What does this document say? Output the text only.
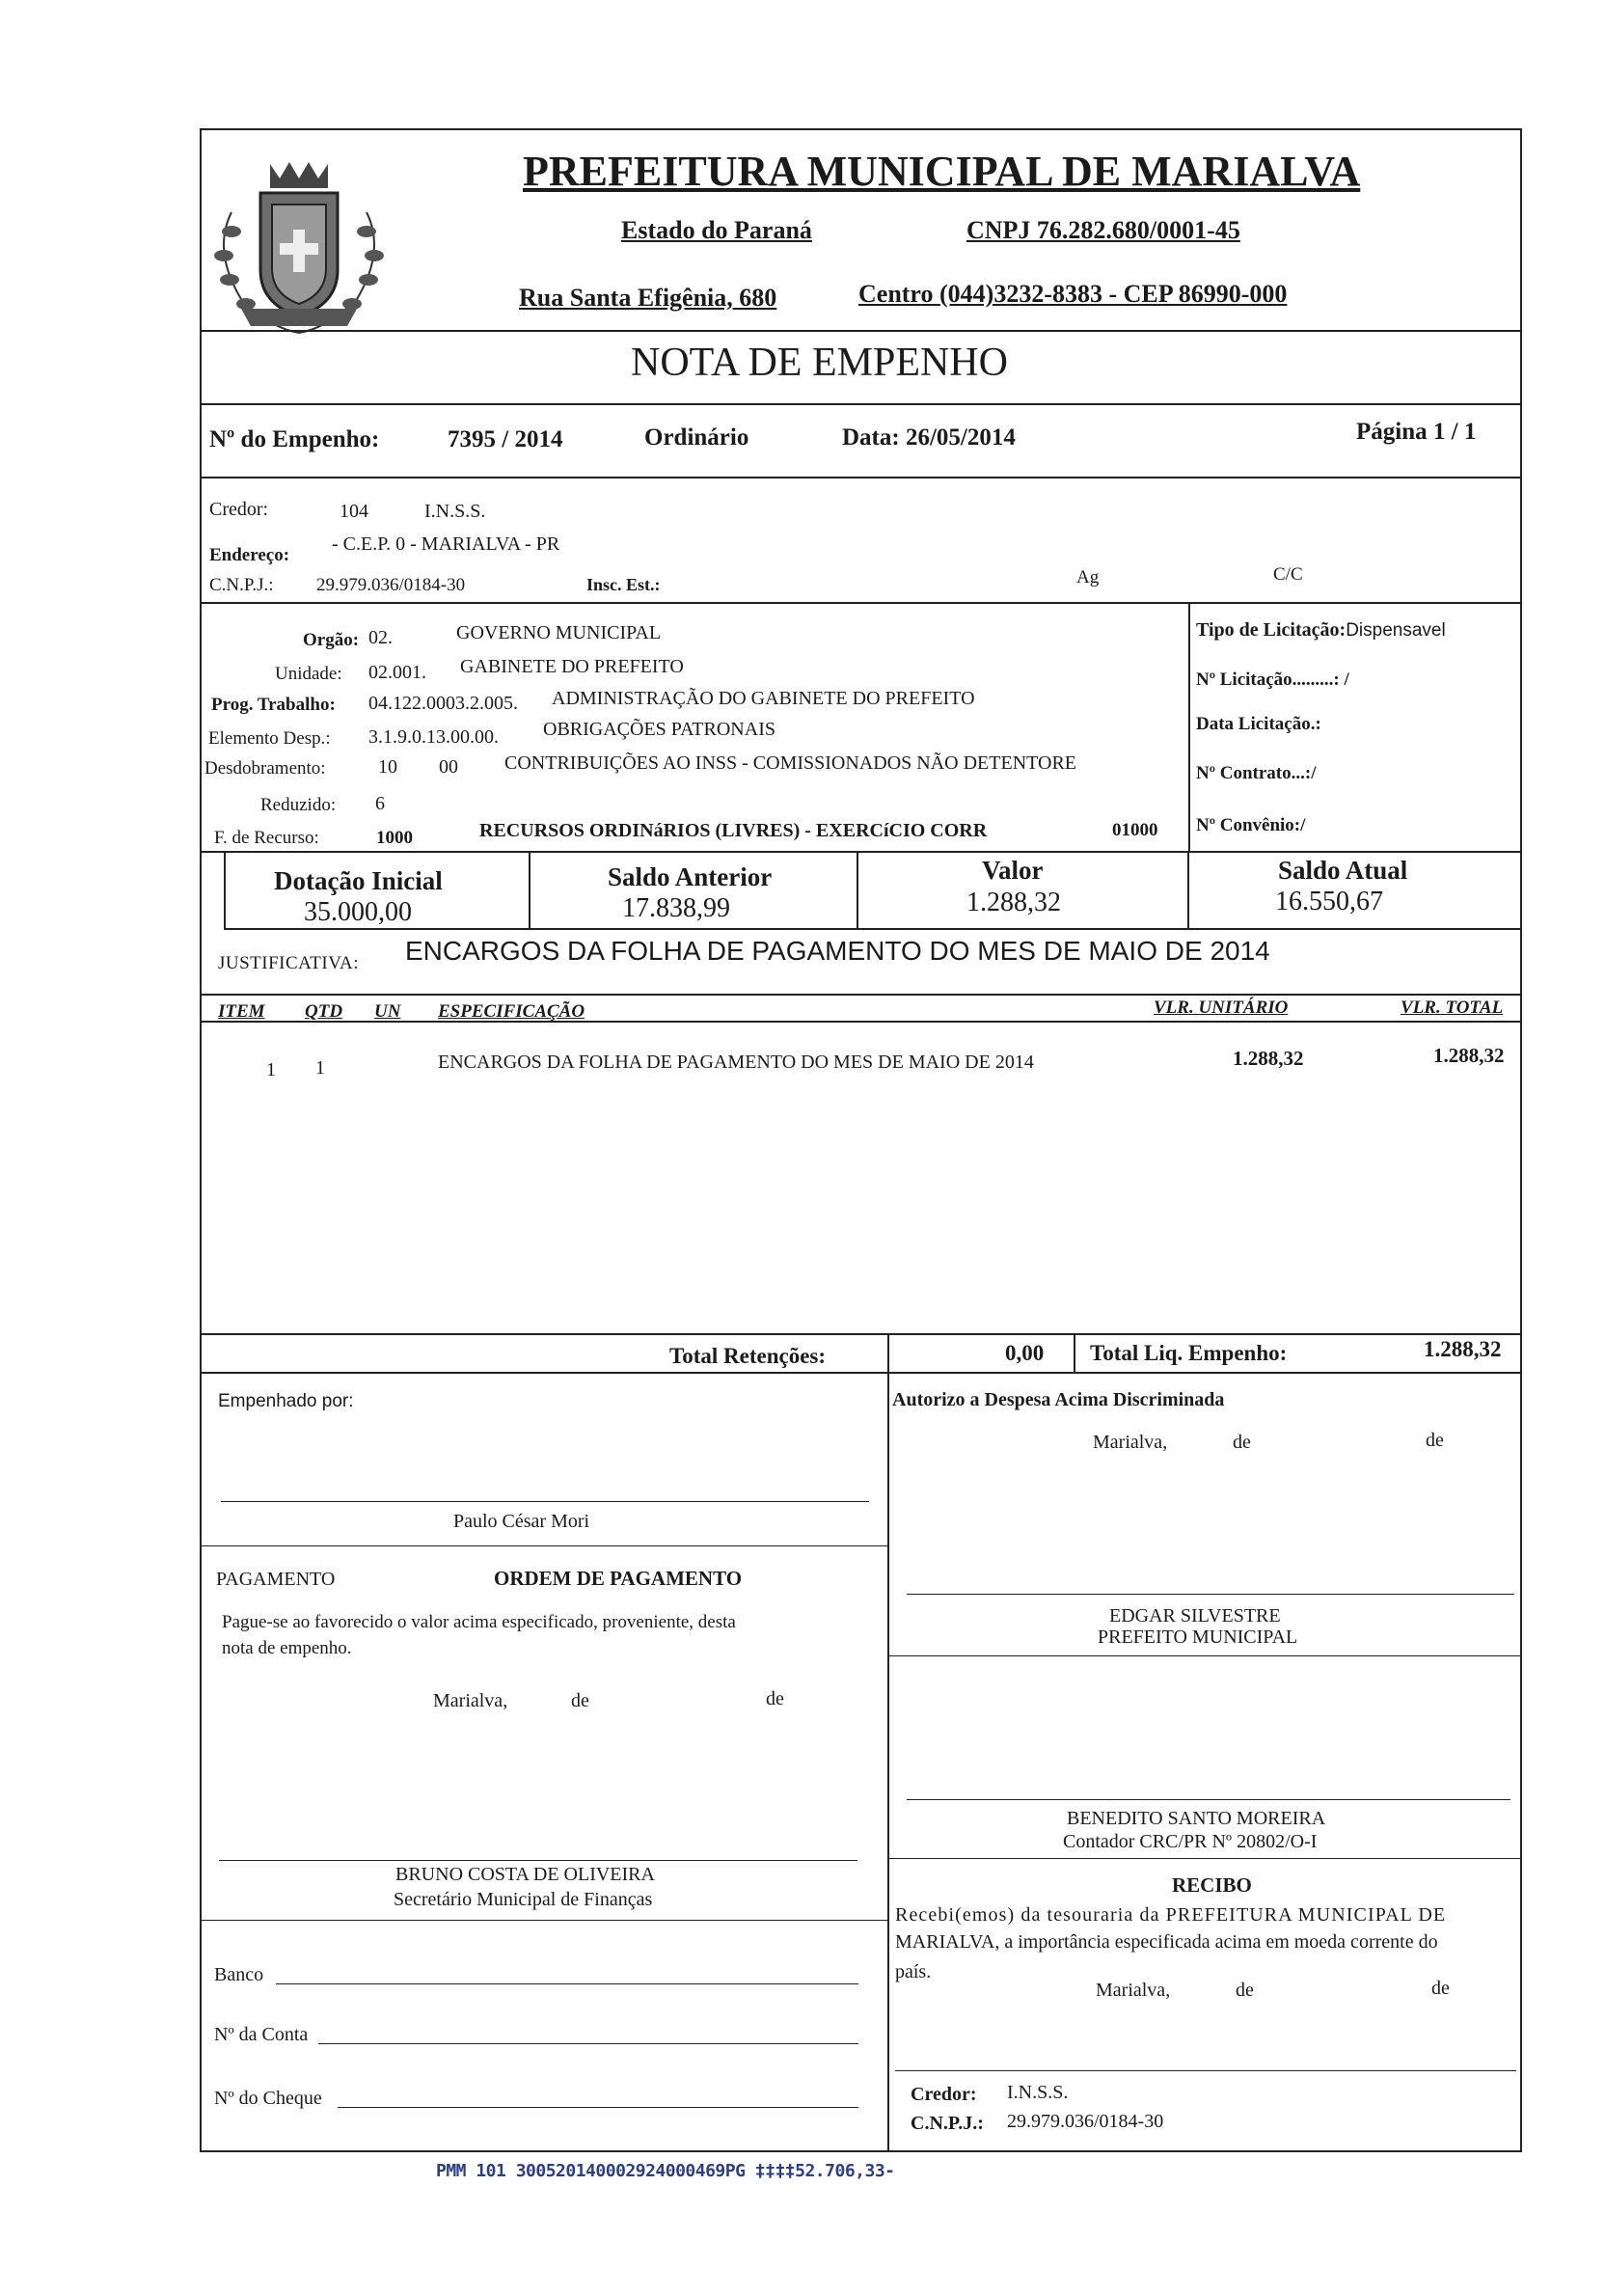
PREFEITURA MUNICIPAL DE MARIALVA
Estado do Paraná	CNPJ 76.282.680/0001-45
Rua Santa Efigênia, 680	Centro (044)3232-8383 - CEP 86990-000
NOTA DE EMPENHO
Nº do Empenho:	7395 / 2014	Ordinário	Data: 26/05/2014	Página 1 / 1
Credor:	104	I.N.S.S.
Endereço:
- C.E.P. 0 - MARIALVA - PR
C.N.P.J.: 29.979.036/0184-30	Insc. Est.:	Ag	C/C
Orgão: 02.	GOVERNO MUNICIPAL
Unidade: 02.001. GABINETE DO PREFEITO
Prog. Trabalho: 04.122.0003.2.005. ADMINISTRAÇÃO DO GABINETE DO PREFEITO
Elemento Desp.: 3.1.9.0.13.00.00. OBRIGAÇÕES PATRONAIS
Desdobramento:	10 00 CONTRIBUIÇÕES AO INSS - COMISSIONADOS NÃO DETENTORE
Reduzido: 6
F. de Recurso:	1000	RECURSOS ORDINáRIOS (LIVRES) - EXERCíCIO CORR	01000
Tipo de Licitação:Dispensavel
Nº Licitação.........: /
Data Licitação.:
Nº Contrato...:/
Nº Convênio:/
Dotação Inicial
35.000,00
Saldo Anterior
17.838,99
Valor
1.288,32
Saldo Atual
16.550,67
JUSTIFICATIVA: ENCARGOS DA FOLHA DE PAGAMENTO DO MES DE MAIO DE 2014
ITEM QTD UN ESPECIFICAÇÃO	VLR. UNITÁRIO	VLR. TOTAL
1 1	ENCARGOS DA FOLHA DE PAGAMENTO DO MES DE MAIO DE 2014	1.288,32	1.288,32
Total Retenções:	0,00 Total Liq. Empenho:	1.288,32
Empenhado por:
Paulo César Mori
Autorizo a Despesa Acima Discriminada
Marialva,	de	de
PAGAMENTO	ORDEM DE PAGAMENTO
Pague-se ao favorecido o valor acima especificado, proveniente, desta
nota de empenho.
Marialva,	de	de
EDGAR SILVESTRE
PREFEITO MUNICIPAL
BENEDITO SANTO MOREIRA
Contador CRC/PR Nº 20802/O-I
BRUNO COSTA DE OLIVEIRA
Secretário Municipal de Finanças
RECIBO
Recebi(emos) da tesouraria da PREFEITURA MUNICIPAL DE
MARIALVA, a importância especificada acima em moeda corrente do
país.
Marialva,	de	de
Banco
Nº da Conta
Nº do Cheque	Credor: I.N.S.S.
C.N.P.J.: 29.979.036/0184-30
PMM 101 30052014000292400046​9PG ‡‡‡‡52.706,33-
